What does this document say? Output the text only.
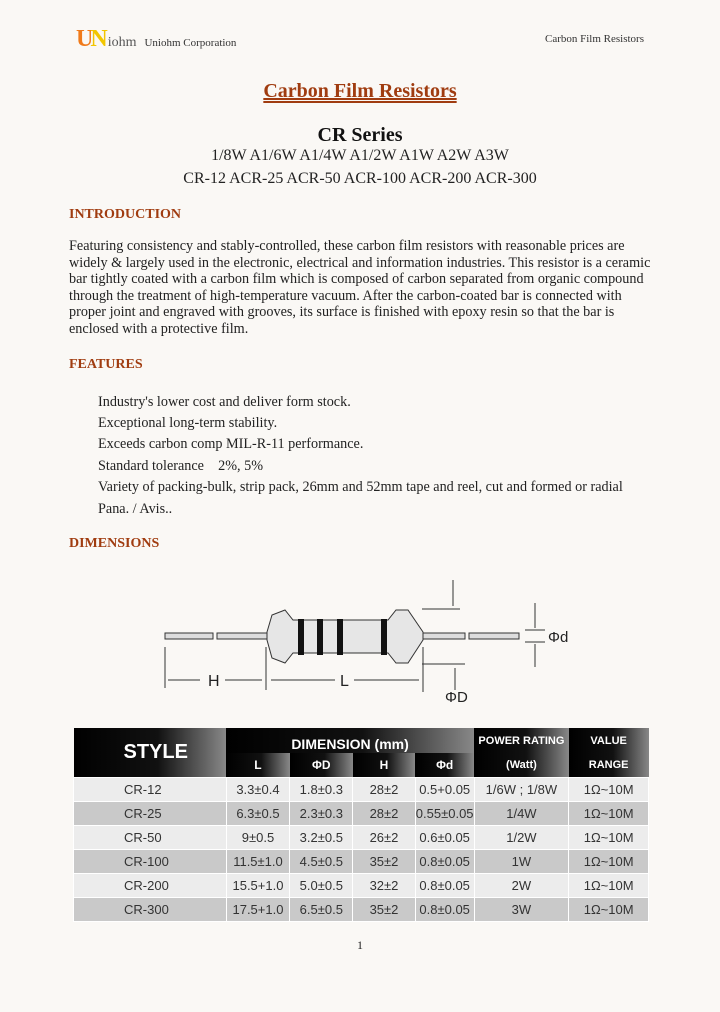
UNiohm Uniohm Corporation	Carbon Film Resistors
Carbon Film Resistors
CR Series
1/8W A1/6W A1/4W A1/2W A1W A2W A3W
CR-12 ACR-25 ACR-50 ACR-100 ACR-200 ACR-300
INTRODUCTION
Featuring consistency and stably-controlled, these carbon film resistors with reasonable prices are widely & largely used in the electronic, electrical and information industries. This resistor is a ceramic bar tightly coated with a carbon film which is composed of carbon separated from organic compound through the treatment of high-temperature vacuum. After the carbon-coated bar is connected with proper joint and engraved with grooves, its surface is finished with epoxy resin so that the bar is enclosed with a protective film.
FEATURES
Industry's lower cost and deliver form stock.
Exceptional long-term stability.
Exceeds carbon comp MIL-R-11 performance.
Standard tolerance    2%, 5%
Variety of packing-bulk, strip pack, 26mm and 52mm tape and reel, cut and formed or radial
Pana. / Avis..
DIMENSIONS
H	L
ΦD
Φd
STYLE	DIMENSION (mm)				POWER RATING	VALUE
	L	ΦD	H	Φd	(Watt)	RANGE
CR-12	3.3±0.4	1.8±0.3	28±2	0.5+0.05	1/6W ; 1/8W	1Ω~10M
CR-25	6.3±0.5	2.3±0.3	28±2	0.55±0.05	1/4W	1Ω~10M
CR-50	9±0.5	3.2±0.5	26±2	0.6±0.05	1/2W	1Ω~10M
CR-100	11.5±1.0	4.5±0.5	35±2	0.8±0.05	1W	1Ω~10M
CR-200	15.5+1.0	5.0±0.5	32±2	0.8±0.05	2W	1Ω~10M
CR-300	17.5+1.0	6.5±0.5	35±2	0.8±0.05	3W	1Ω~10M
1
